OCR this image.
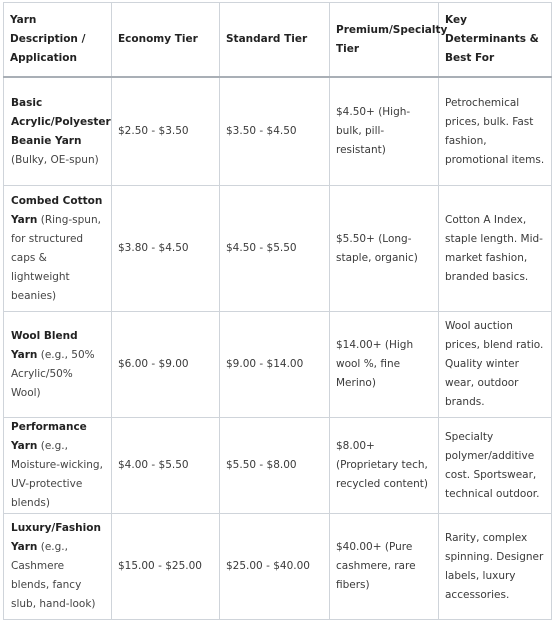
Yarn Description / Application	Economy Tier	Standard Tier	Premium/Specialty Tier	Key Determinants & Best For
Basic Acrylic/Polyester Beanie Yarn (Bulky, OE-spun)	$2.50 - $3.50	$3.50 - $4.50	$4.50+ (High-bulk, pill-resistant)	Petrochemical prices, bulk. Fast fashion, promotional items.
Combed Cotton Yarn (Ring-spun, for structured caps & lightweight beanies)	$3.80 - $4.50	$4.50 - $5.50	$5.50+ (Long-staple, organic)	Cotton A Index, staple length. Mid-market fashion, branded basics.
Wool Blend Yarn (e.g., 50% Acrylic/50% Wool)	$6.00 - $9.00	$9.00 - $14.00	$14.00+ (High wool %, fine Merino)	Wool auction prices, blend ratio. Quality winter wear, outdoor brands.
Performance Yarn (e.g., Moisture-wicking, UV-protective blends)	$4.00 - $5.50	$5.50 - $8.00	$8.00+ (Proprietary tech, recycled content)	Specialty polymer/additive cost. Sportswear, technical outdoor.
Luxury/Fashion Yarn (e.g., Cashmere blends, fancy slub, hand-look)	$15.00 - $25.00	$25.00 - $40.00	$40.00+ (Pure cashmere, rare fibers)	Rarity, complex spinning. Designer labels, luxury accessories.
